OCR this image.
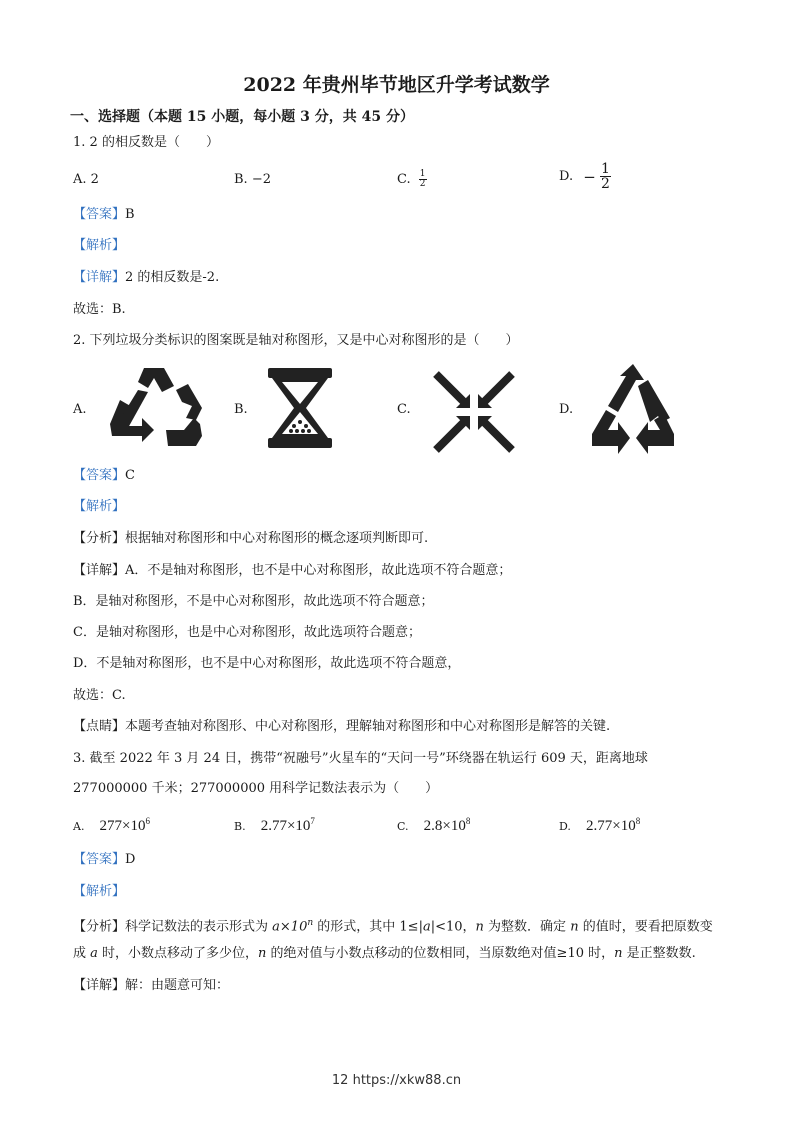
2022 年贵州毕节地区升学考试数学
一、选择题（本题 15 小题，每小题 3 分，共 45 分）
1. 2 的相反数是（　　）
A. 2	B. −2	C. $\frac{1}{2}$	D. − $\frac{1}{2}$
【答案】B
【解析】
【详解】2 的相反数是-2.
故选：B.
2. 下列垃圾分类标识的图案既是轴对称图形，又是中心对称图形的是（　　）
A.	B.	C.	D.
【答案】C
【解析】
【分析】根据轴对称图形和中心对称图形的概念逐项判断即可.
【详解】A．不是轴对称图形，也不是中心对称图形，故此选项不符合题意；
B．是轴对称图形，不是中心对称图形，故此选项不符合题意；
C．是轴对称图形，也是中心对称图形，故此选项符合题意；
D．不是轴对称图形，也不是中心对称图形，故此选项不符合题意，
故选：C.
【点睛】本题考查轴对称图形、中心对称图形，理解轴对称图形和中心对称图形是解答的关键.
3. 截至 2022 年 3 月 24 日，携带“祝融号”火星车的“天问一号”环绕器在轨运行 609 天，距离地球
277000000 千米；277000000 用科学记数法表示为（　　）
A. $277\times 10^6$	B. $2.77\times 10^7$	C. $2.8\times 10^8$	D. $2.77\times 10^8$
【答案】D
【解析】
【分析】科学记数法的表示形式为 $a\times 10^n$ 的形式，其中 1≤|a|<10，n 为整数．确定 n 的值时，要看把原数变
成 a 时，小数点移动了多少位，n 的绝对值与小数点移动的位数相同，当原数绝对值≥10 时，n 是正整数数.
【详解】解：由题意可知：
12 https://xkw88.cn
